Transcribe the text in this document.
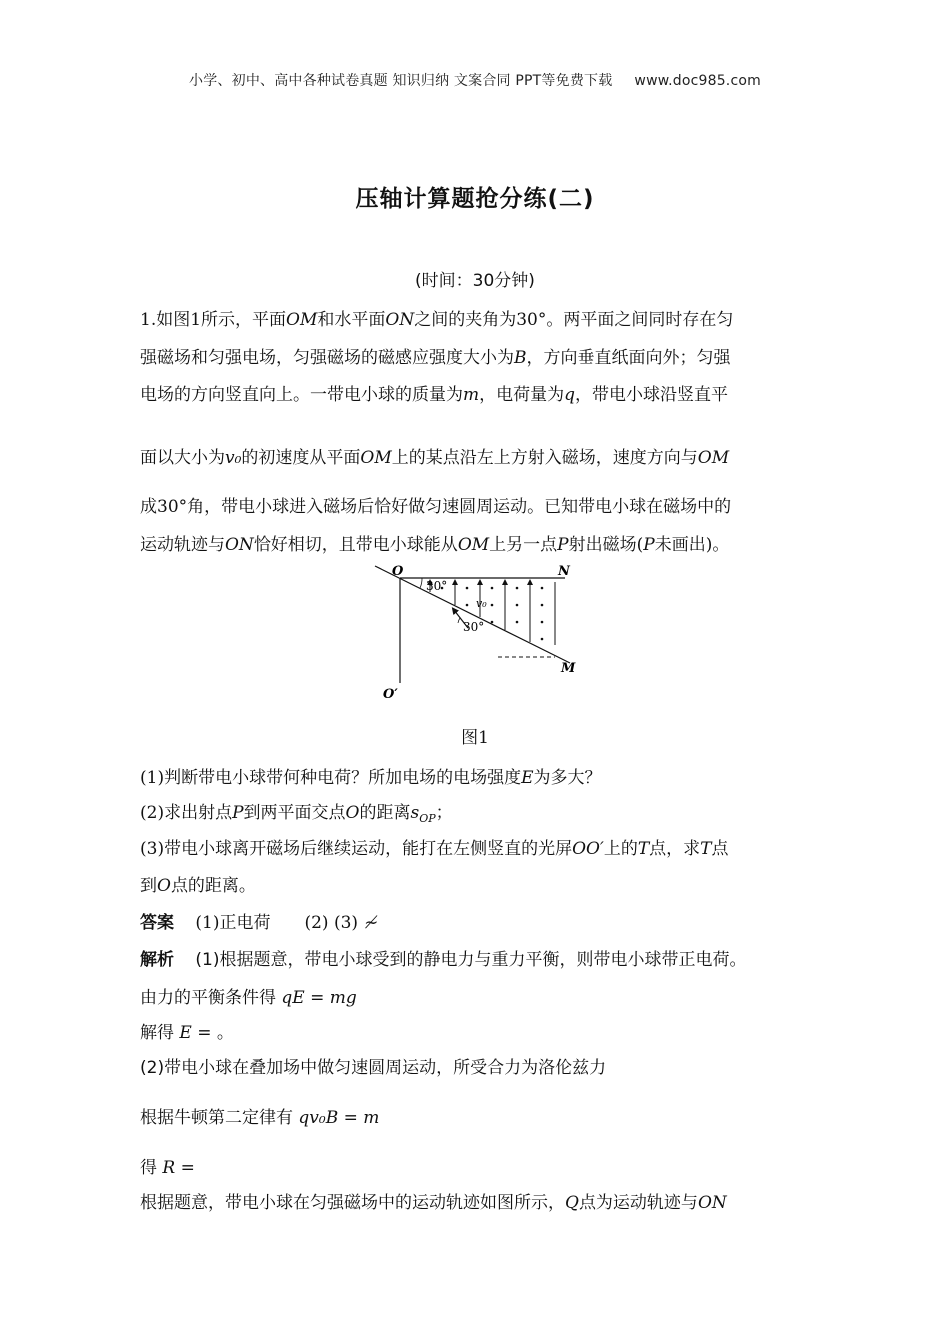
小学、初中、高中各种试卷真题 知识归纳 文案合同 PPT等免费下载 www.doc985.com
压轴计算题抢分练(二)
(时间：30分钟)
1.如图1所示，平面OM和水平面ON之间的夹角为30°。两平面之间同时存在匀
强磁场和匀强电场，匀强磁场的磁感应强度大小为B，方向垂直纸面向外；匀强
电场的方向竖直向上。一带电小球的质量为m，电荷量为q，带电小球沿竖直平
面以大小为v₀的初速度从平面OM上的某点沿左上方射入磁场，速度方向与OM
成30°角，带电小球进入磁场后恰好做匀速圆周运动。已知带电小球在磁场中的
运动轨迹与ON恰好相切，且带电小球能从OM上另一点P射出磁场(P未画出)。
O	N
M
O′
30°
30°
v₀
图1
(1)判断带电小球带何种电荷？所加电场的电场强度E为多大？
(2)求出射点P到两平面交点O的距离$s_{OP}$；
(3)带电小球离开磁场后继续运动，能打在左侧竖直的光屏OO′上的T点，求T点
到O点的距离。
答案 (1)正电荷　　(2) (3) ≁
解析 (1)根据题意，带电小球受到的静电力与重力平衡，则带电小球带正电荷。
由力的平衡条件得 qE = mg
解得 E = 。
(2)带电小球在叠加场中做匀速圆周运动，所受合力为洛伦兹力
根据牛顿第二定律有 qv₀B = m
得 R =
根据题意，带电小球在匀强磁场中的运动轨迹如图所示，Q点为运动轨迹与ON
